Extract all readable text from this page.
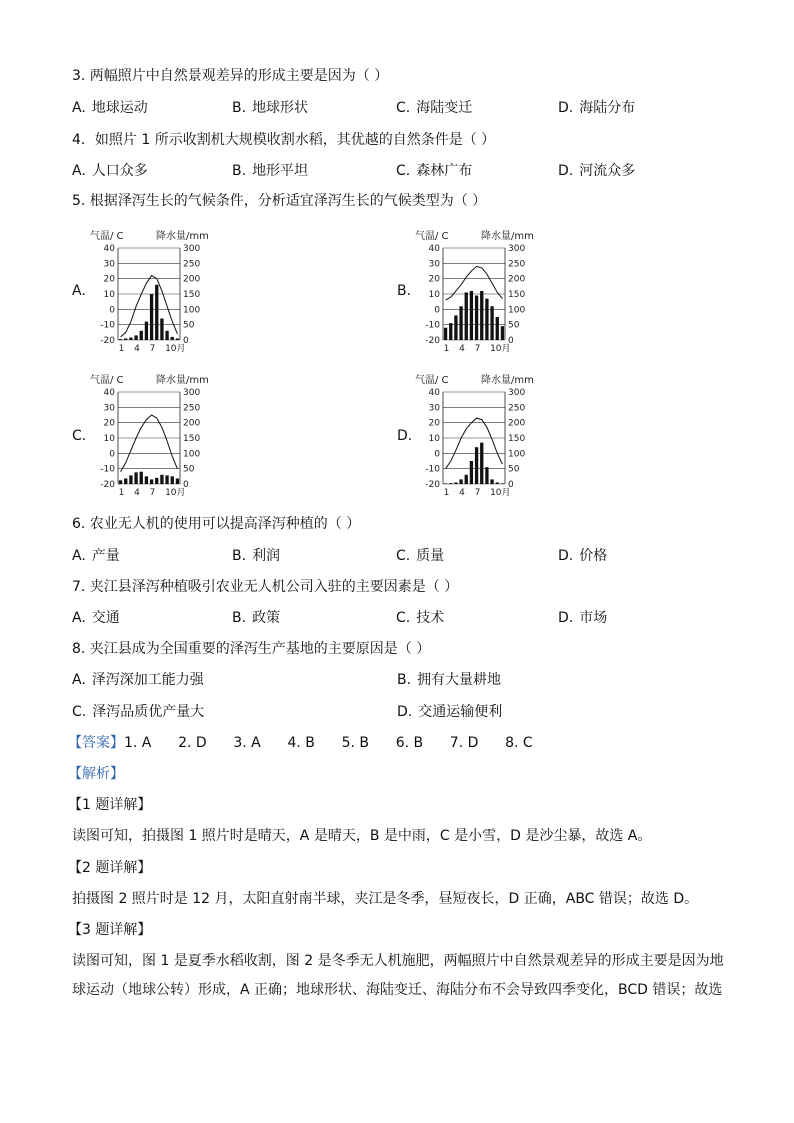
3. 两幅照片中自然景观差异的形成主要是因为（ ）
A. 地球运动	B. 地球形状	C. 海陆变迁	D. 海陆分布
4．如照片 1 所示收割机大规模收割水稻，其优越的自然条件是（ ）
A. 人口众多	B. 地形平坦	C. 森林广布	D. 河流众多
5. 根据泽泻生长的气候条件，分析适宜泽泻生长的气候类型为（ ）
A.
气温/ C	降水量/mm
40	300
30	250
20	200
10	150
0	100
-10	50
-20	0
1 4 7 10月
B.
气温/ C	降水量/mm
40	300
30	250
20	200
10	150
0	100
-10	50
-20	0
1 4 7 10月
C.
气温/ C	降水量/mm
40	300
30	250
20	200
10	150
0	100
-10	50
-20	0
1 4 7 10月
D.
气温/ C	降水量/mm
40	300
30	250
20	200
10	150
0	100
-10	50
-20	0
1 4 7 10月
6. 农业无人机的使用可以提高泽泻种植的（ ）
A. 产量	B. 利润	C. 质量	D. 价格
7. 夹江县泽泻种植吸引农业无人机公司入驻的主要因素是（ ）
A. 交通	B. 政策	C. 技术	D. 市场
8. 夹江县成为全国重要的泽泻生产基地的主要原因是（ ）
A. 泽泻深加工能力强	B. 拥有大量耕地
C. 泽泻品质优产量大	D. 交通运输便利
【答案】1. A      2. D      3. A      4. B      5. B      6. B      7. D      8. C
【解析】
【1 题详解】
读图可知，拍摄图 1 照片时是晴天，A 是晴天，B 是中雨，C 是小雪，D 是沙尘暴，故选 A。
【2 题详解】
拍摄图 2 照片时是 12 月，太阳直射南半球，夹江是冬季，昼短夜长，D 正确，ABC 错误；故选 D。
【3 题详解】
读图可知，图 1 是夏季水稻收割，图 2 是冬季无人机施肥，两幅照片中自然景观差异的形成主要是因为地球运动（地球公转）形成，A 正确；地球形状、海陆变迁、海陆分布不会导致四季变化，BCD 错误；故选
